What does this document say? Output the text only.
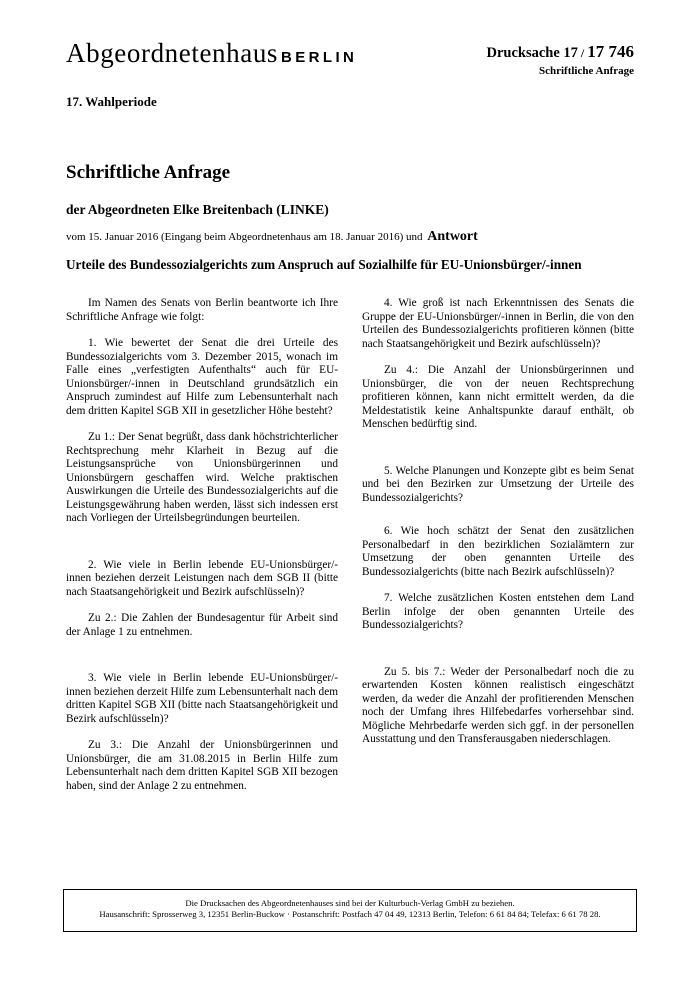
Abgeordnetenhaus BERLIN	Drucksache 17 / 17 746
Schriftliche Anfrage
17. Wahlperiode
Schriftliche Anfrage
der Abgeordneten Elke Breitenbach (LINKE)
vom 15. Januar 2016 (Eingang beim Abgeordnetenhaus am 18. Januar 2016) und Antwort
Urteile des Bundessozialgerichts zum Anspruch auf Sozialhilfe für EU-Unionsbürger/-innen

Im Namen des Senats von Berlin beantworte ich Ihre Schriftliche Anfrage wie folgt:

1. Wie bewertet der Senat die drei Urteile des Bundessozialgerichts vom 3. Dezember 2015, wonach im Falle eines „verfestigten Aufenthalts“ auch für EU-Unionsbürger/-innen in Deutschland grundsätzlich ein Anspruch zumindest auf Hilfe zum Lebensunterhalt nach dem dritten Kapitel SGB XII in gesetzlicher Höhe besteht?

Zu 1.: Der Senat begrüßt, dass dank höchstrichterlicher Rechtsprechung mehr Klarheit in Bezug auf die Leistungsansprüche von Unionsbürgerinnen und Unionsbürgern geschaffen wird. Welche praktischen Auswirkungen die Urteile des Bundessozialgerichts auf die Leistungsgewährung haben werden, lässt sich indessen erst nach Vorliegen der Urteilsbegründungen beurteilen.

2. Wie viele in Berlin lebende EU-Unionsbürger/-innen beziehen derzeit Leistungen nach dem SGB II (bitte nach Staatsangehörigkeit und Bezirk aufschlüsseln)?

Zu 2.: Die Zahlen der Bundesagentur für Arbeit sind der Anlage 1 zu entnehmen.

3. Wie viele in Berlin lebende EU-Unionsbürger/-innen beziehen derzeit Hilfe zum Lebensunterhalt nach dem dritten Kapitel SGB XII (bitte nach Staatsangehörigkeit und Bezirk aufschlüsseln)?

Zu 3.: Die Anzahl der Unionsbürgerinnen und Unionsbürger, die am 31.08.2015 in Berlin Hilfe zum Lebensunterhalt nach dem dritten Kapitel SGB XII bezogen haben, sind der Anlage 2 zu entnehmen.

4. Wie groß ist nach Erkenntnissen des Senats die Gruppe der EU-Unionsbürger/-innen in Berlin, die von den Urteilen des Bundessozialgerichts profitieren können (bitte nach Staatsangehörigkeit und Bezirk aufschlüsseln)?

Zu 4.: Die Anzahl der Unionsbürgerinnen und Unionsbürger, die von der neuen Rechtsprechung profitieren können, kann nicht ermittelt werden, da die Meldestatistik keine Anhaltspunkte darauf enthält, ob Menschen bedürftig sind.

5. Welche Planungen und Konzepte gibt es beim Senat und bei den Bezirken zur Umsetzung der Urteile des Bundessozialgerichts?

6. Wie hoch schätzt der Senat den zusätzlichen Personalbedarf in den bezirklichen Sozialämtern zur Umsetzung der oben genannten Urteile des Bundessozialgerichts (bitte nach Bezirk aufschlüsseln)?

7. Welche zusätzlichen Kosten entstehen dem Land Berlin infolge der oben genannten Urteile des Bundessozialgerichts?

Zu 5. bis 7.: Weder der Personalbedarf noch die zu erwartenden Kosten können realistisch eingeschätzt werden, da weder die Anzahl der profitierenden Menschen noch der Umfang ihres Hilfebedarfes vorhersehbar sind. Mögliche Mehrbedarfe werden sich ggf. in der personellen Ausstattung und den Transferausgaben niederschlagen.

Die Drucksachen des Abgeordnetenhauses sind bei der Kulturbuch-Verlag GmbH zu beziehen.
Hausanschrift: Sprosserweg 3, 12351 Berlin-Buckow · Postanschrift: Postfach 47 04 49, 12313 Berlin, Telefon: 6 61 84 84; Telefax: 6 61 78 28.
